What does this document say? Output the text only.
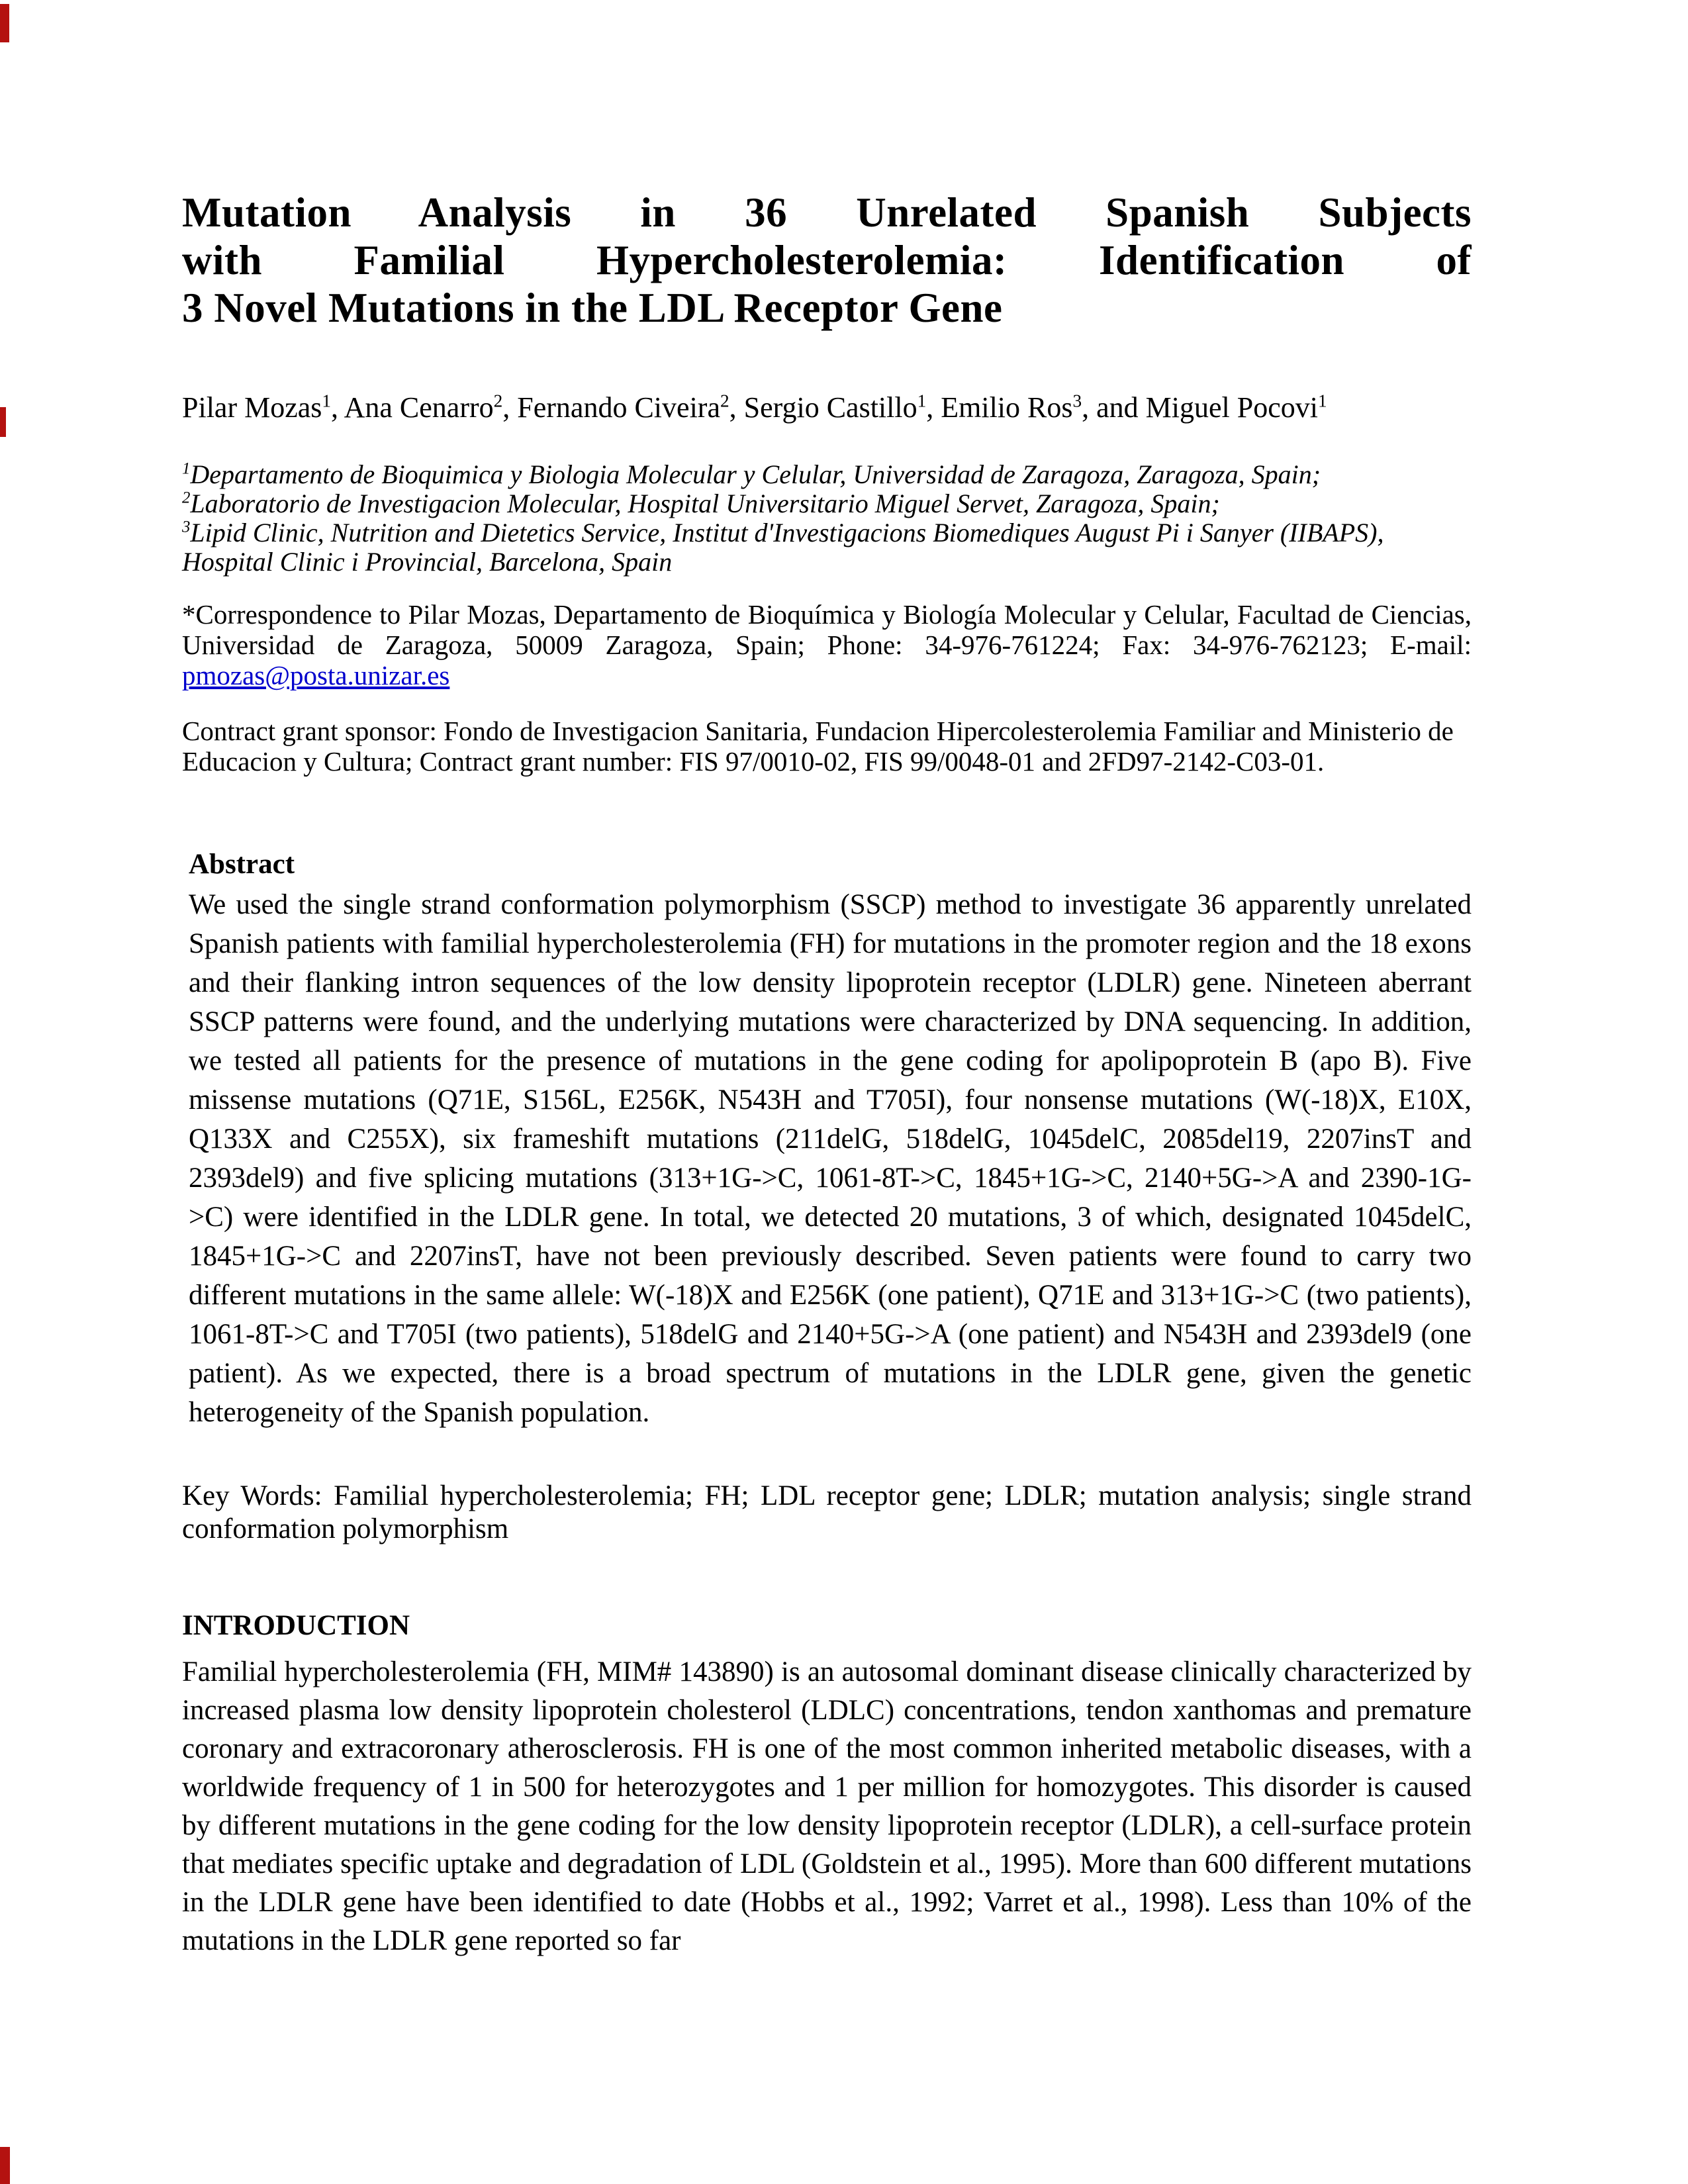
Mutation Analysis in 36 Unrelated Spanish Subjects
with Familial Hypercholesterolemia: Identification of
3 Novel Mutations in the LDL Receptor Gene

Pilar Mozas$^1$, Ana Cenarro$^2$, Fernando Civeira$^2$, Sergio Castillo$^1$, Emilio Ros$^3$, and Miguel Pocovi$^1$

$^1$Departamento de Bioquimica y Biologia Molecular y Celular, Universidad de Zaragoza, Zaragoza, Spain;
$^2$Laboratorio de Investigacion Molecular, Hospital Universitario Miguel Servet, Zaragoza, Spain;
$^3$Lipid Clinic, Nutrition and Dietetics Service, Institut d'Investigacions Biomediques August Pi i Sanyer (IIBAPS), Hospital Clinic i Provincial, Barcelona, Spain

*Correspondence to Pilar Mozas, Departamento de Bioquímica y Biología Molecular y Celular, Facultad de Ciencias, Universidad de Zaragoza, 50009 Zaragoza, Spain; Phone: 34-976-761224; Fax: 34-976-762123; E-mail: pmozas@posta.unizar.es

Contract grant sponsor: Fondo de Investigacion Sanitaria, Fundacion Hipercolesterolemia Familiar and Ministerio de Educacion y Cultura; Contract grant number: FIS 97/0010-02, FIS 99/0048-01 and 2FD97-2142-C03-01.

Abstract

We used the single strand conformation polymorphism (SSCP) method to investigate 36 apparently unrelated Spanish patients with familial hypercholesterolemia (FH) for mutations in the promoter region and the 18 exons and their flanking intron sequences of the low density lipoprotein receptor (LDLR) gene. Nineteen aberrant SSCP patterns were found, and the underlying mutations were characterized by DNA sequencing. In addition, we tested all patients for the presence of mutations in the gene coding for apolipoprotein B (apo B). Five missense mutations (Q71E, S156L, E256K, N543H and T705I), four nonsense mutations (W(-18)X, E10X, Q133X and C255X), six frameshift mutations (211delG, 518delG, 1045delC, 2085del19, 2207insT and 2393del9) and five splicing mutations (313+1G->C, 1061-8T->C, 1845+1G->C, 2140+5G->A and 2390-1G->C) were identified in the LDLR gene. In total, we detected 20 mutations, 3 of which, designated 1045delC, 1845+1G->C and 2207insT, have not been previously described. Seven patients were found to carry two different mutations in the same allele: W(-18)X and E256K (one patient), Q71E and 313+1G->C (two patients), 1061-8T->C and T705I (two patients), 518delG and 2140+5G->A (one patient) and N543H and 2393del9 (one patient). As we expected, there is a broad spectrum of mutations in the LDLR gene, given the genetic heterogeneity of the Spanish population.

Key Words: Familial hypercholesterolemia; FH; LDL receptor gene; LDLR; mutation analysis; single strand conformation polymorphism

INTRODUCTION

Familial hypercholesterolemia (FH, MIM# 143890) is an autosomal dominant disease clinically characterized by increased plasma low density lipoprotein cholesterol (LDLC) concentrations, tendon xanthomas and premature coronary and extracoronary atherosclerosis. FH is one of the most common inherited metabolic diseases, with a worldwide frequency of 1 in 500 for heterozygotes and 1 per million for homozygotes. This disorder is caused by different mutations in the gene coding for the low density lipoprotein receptor (LDLR), a cell-surface protein that mediates specific uptake and degradation of LDL (Goldstein et al., 1995). More than 600 different mutations in the LDLR gene have been identified to date (Hobbs et al., 1992; Varret et al., 1998). Less than 10% of the mutations in the LDLR gene reported so far
